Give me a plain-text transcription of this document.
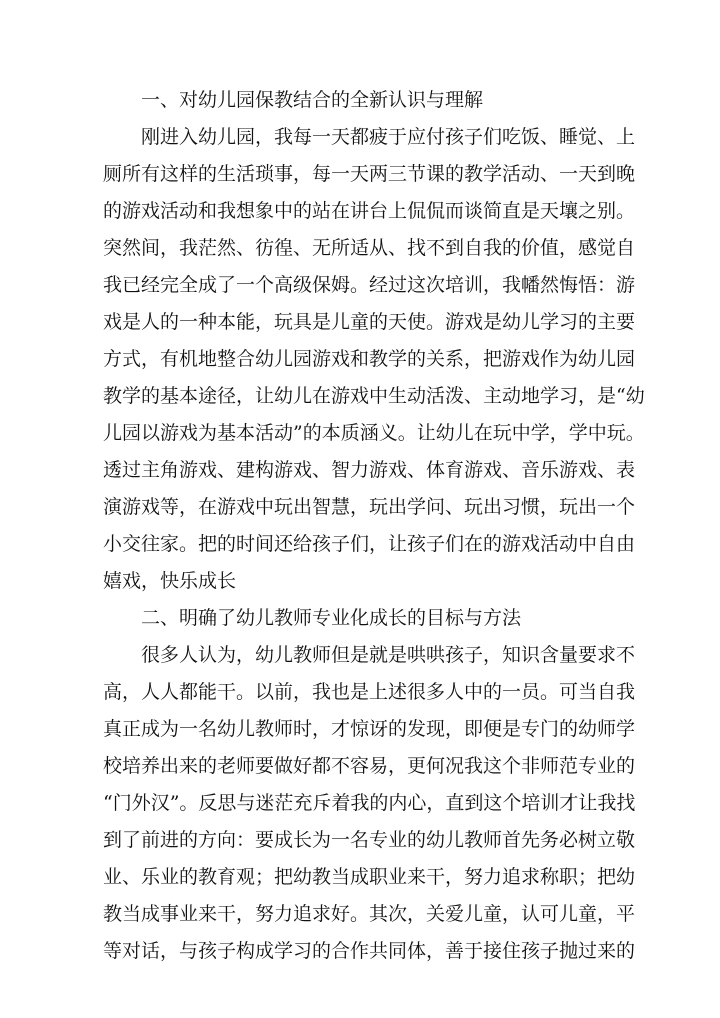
一、对幼儿园保教结合的全新认识与理解

刚进入幼儿园，我每一天都疲于应付孩子们吃饭、睡觉、上

厕所有这样的生活琐事，每一天两三节课的教学活动、一天到晚

的游戏活动和我想象中的站在讲台上侃侃而谈简直是天壤之别。

突然间，我茫然、彷徨、无所适从、找不到自我的价值，感觉自

我已经完全成了一个高级保姆。经过这次培训，我幡然悔悟：游

戏是人的一种本能，玩具是儿童的天使。游戏是幼儿学习的主要

方式，有机地整合幼儿园游戏和教学的关系，把游戏作为幼儿园

教学的基本途径，让幼儿在游戏中生动活泼、主动地学习，是“幼

儿园以游戏为基本活动”的本质涵义。让幼儿在玩中学，学中玩。

透过主角游戏、建构游戏、智力游戏、体育游戏、音乐游戏、表

演游戏等，在游戏中玩出智慧，玩出学问、玩出习惯，玩出一个

小交往家。把的时间还给孩子们，让孩子们在的游戏活动中自由

嬉戏，快乐成长

二、明确了幼儿教师专业化成长的目标与方法

很多人认为，幼儿教师但是就是哄哄孩子，知识含量要求不

高，人人都能干。以前，我也是上述很多人中的一员。可当自我

真正成为一名幼儿教师时，才惊讶的发现，即便是专门的幼师学

校培养出来的老师要做好都不容易，更何况我这个非师范专业的

“门外汉”。反思与迷茫充斥着我的内心，直到这个培训才让我找

到了前进的方向：要成长为一名专业的幼儿教师首先务必树立敬

业、乐业的教育观；把幼教当成职业来干，努力追求称职；把幼

教当成事业来干，努力追求好。其次，关爱儿童，认可儿童，平

等对话，与孩子构成学习的合作共同体，善于接住孩子抛过来的
